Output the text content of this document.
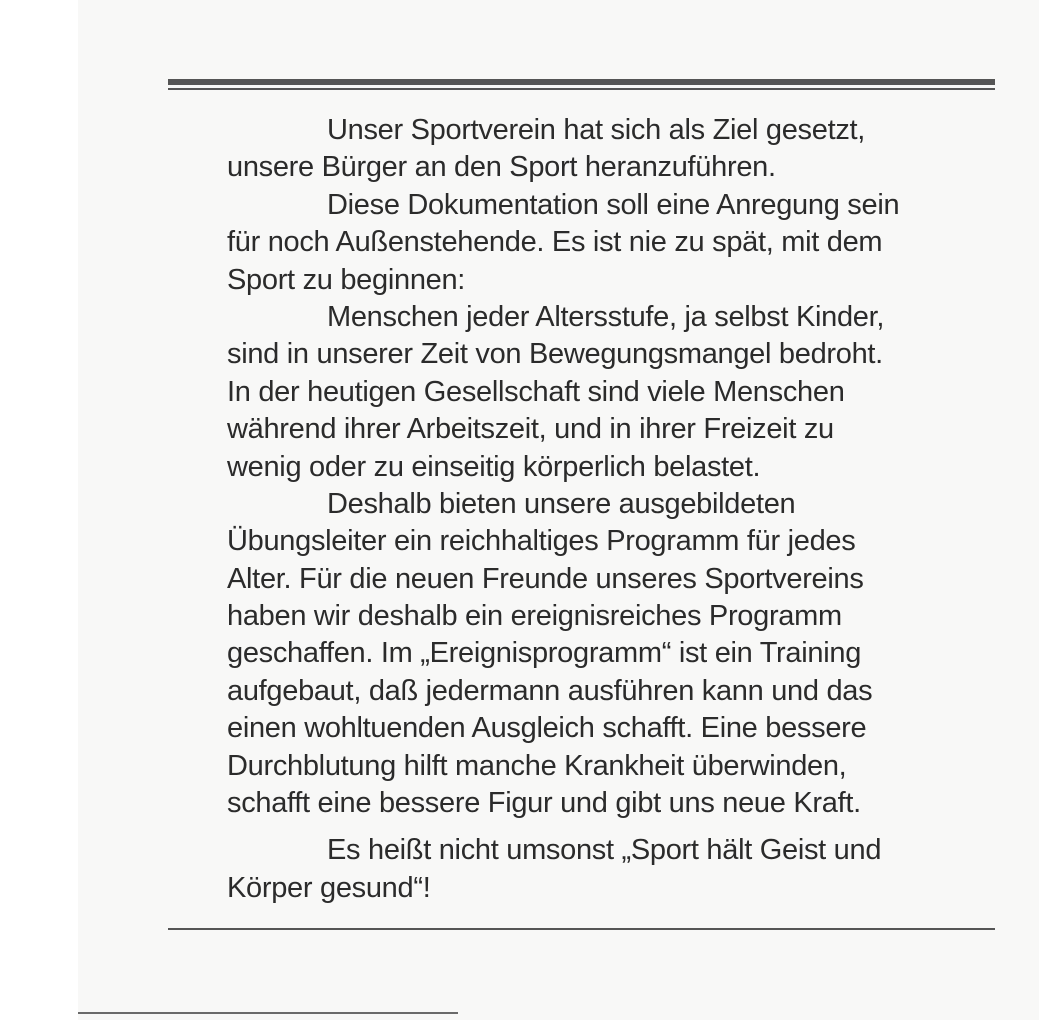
Unser Sportverein hat sich als Ziel gesetzt,
unsere Bürger an den Sport heranzuführen.
Diese Dokumentation soll eine Anregung sein
für noch Außenstehende. Es ist nie zu spät, mit dem
Sport zu beginnen:
Menschen jeder Altersstufe, ja selbst Kinder,
sind in unserer Zeit von Bewegungsmangel bedroht.
In der heutigen Gesellschaft sind viele Menschen
während ihrer Arbeitszeit, und in ihrer Freizeit zu
wenig oder zu einseitig körperlich belastet.
Deshalb bieten unsere ausgebildeten
Übungsleiter ein reichhaltiges Programm für jedes
Alter. Für die neuen Freunde unseres Sportvereins
haben wir deshalb ein ereignisreiches Programm
geschaffen. Im „Ereignisprogramm“ ist ein Training
aufgebaut, daß jedermann ausführen kann und das
einen wohltuenden Ausgleich schafft. Eine bessere
Durchblutung hilft manche Krankheit überwinden,
schafft eine bessere Figur und gibt uns neue Kraft.
Es heißt nicht umsonst „Sport hält Geist und
Körper gesund“!
